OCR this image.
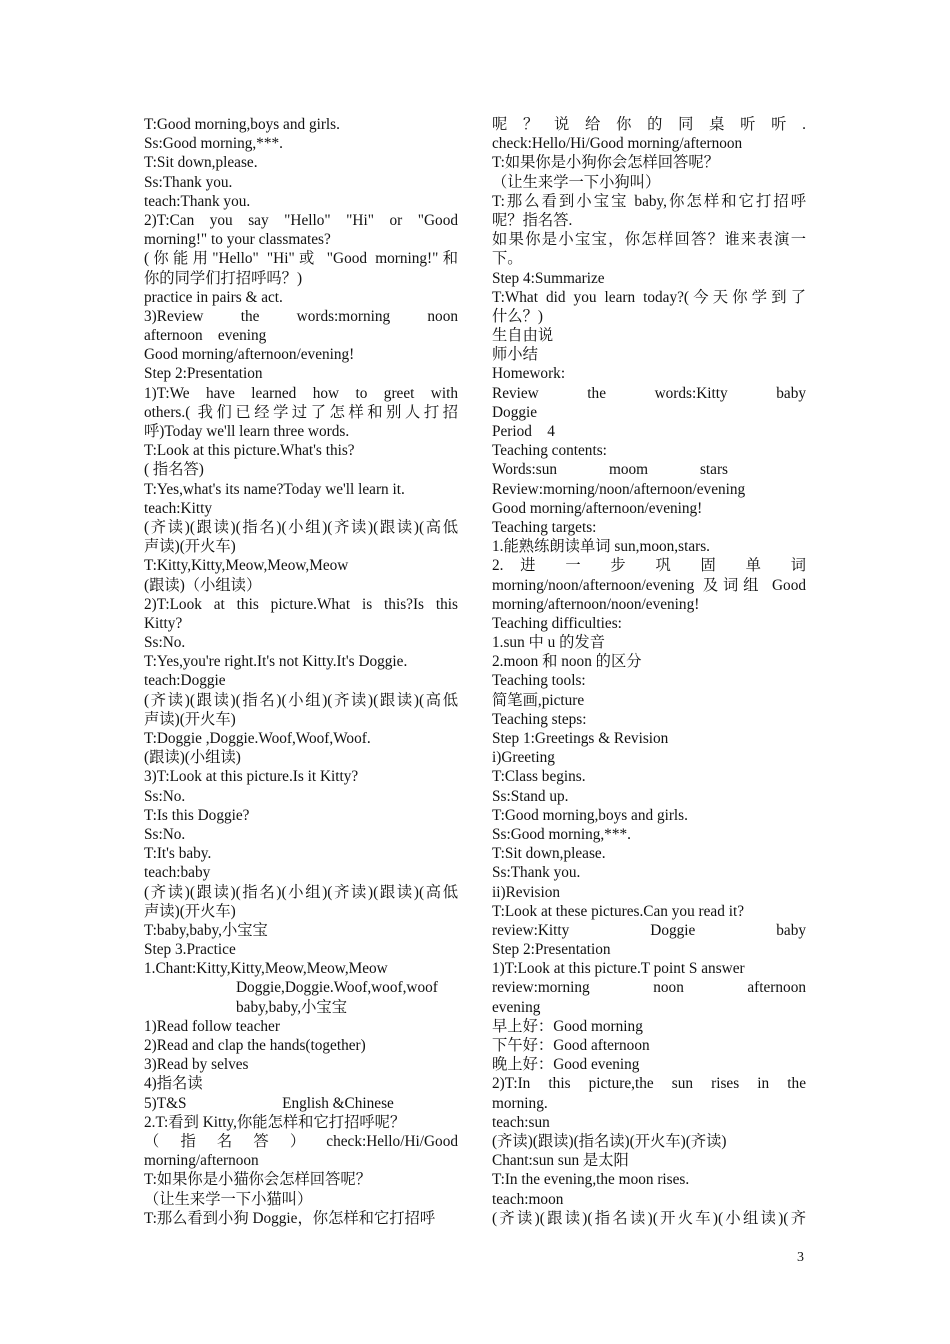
T:Good morning,boys and girls.
Ss:Good morning,***.
T:Sit down,please.
Ss:Thank you.
teach:Thank you.
2)T:Can you say "Hello" "Hi" or "Good
morning!" to your classmates?
(你能用"Hello" "Hi"或 "Good morning!"和
你的同学们打招呼吗？)
practice in pairs & act.
3)Review the words:morning noon
afternoon    evening
Good morning/afternoon/evening!
Step 2:Presentation
1)T:We have learned how to greet with
others.( 我们已经学过了怎样和别人打招
呼)Today we'll learn three words.
T:Look at this picture.What's this?
( 指名答)
T:Yes,what's its name?Today we'll learn it.
teach:Kitty
(齐读)(跟读)(指名)(小组)(齐读)(跟读)(高低
声读)(开火车)
T:Kitty,Kitty,Meow,Meow,Meow
(跟读)（小组读）
2)T:Look at this picture.What is this?Is this
Kitty?
Ss:No.
T:Yes,you're right.It's not Kitty.It's Doggie.
teach:Doggie
(齐读)(跟读)(指名)(小组)(齐读)(跟读)(高低
声读)(开火车)
T:Doggie ,Doggie.Woof,Woof,Woof.
(跟读)(小组读)
3)T:Look at this picture.Is it Kitty?
Ss:No.
T:Is this Doggie?
Ss:No.
T:It's baby.
teach:baby
(齐读)(跟读)(指名)(小组)(齐读)(跟读)(高低
声读)(开火车)
T:baby,baby,小宝宝
Step 3.Practice
1.Chant:Kitty,Kitty,Meow,Meow,Meow
Doggie,Doggie.Woof,woof,woof
baby,baby,小宝宝
1)Read follow teacher
2)Read and clap the hands(together)
3)Read by selves
4)指名读
5)T&S                         English &Chinese
2.T:看到 Kitty,你能怎样和它打招呼呢？
（ 指 名 答 ） check:Hello/Hi/Good
morning/afternoon
T:如果你是小猫你会怎样回答呢？
（让生来学一下小猫叫）
T:那么看到小狗 Doggie，你怎样和它打招呼
呢 ？ 说 给 你 的 同 桌 听 听 .
check:Hello/Hi/Good morning/afternoon
T:如果你是小狗你会怎样回答呢？
（让生来学一下小狗叫）
T:那么看到小宝宝 baby,你怎样和它打招呼
呢？指名答.
如果你是小宝宝，你怎样回答？谁来表演一
下。
Step 4:Summarize
T:What did you learn today?(今天你学到了
什么？)
生自由说
师小结
Homework:
Review the words:Kitty baby
Doggie
Period    4
Teaching contents:
Words:sun moom stars
Review:morning/noon/afternoon/evening
Good morning/afternoon/evening!
Teaching targets:
1.能熟练朗读单词 sun,moon,stars.
2. 进 一 步 巩 固 单 词
morning/noon/afternoon/evening 及词组 Good
morning/afternoon/noon/evening!
Teaching difficulties:
1.sun 中 u 的发音
2.moon 和 noon 的区分
Teaching tools:
简笔画,picture
Teaching steps:
Step 1:Greetings & Revision
i)Greeting
T:Class begins.
Ss:Stand up.
T:Good morning,boys and girls.
Ss:Good morning,***.
T:Sit down,please.
Ss:Thank you.
ii)Revision
T:Look at these pictures.Can you read it?
review:Kitty Doggie baby
Step 2:Presentation
1)T:Look at this picture.T point S answer
review:morning noon afternoon
evening
早上好：Good morning
下午好：Good afternoon
晚上好：Good evening
2)T:In this picture,the sun rises in the
morning.
teach:sun
(齐读)(跟读)(指名读)(开火车)(齐读)
Chant:sun sun 是太阳
T:In the evening,the moon rises.
teach:moon
(齐读)(跟读)(指名读)(开火车)(小组读)(齐
3
